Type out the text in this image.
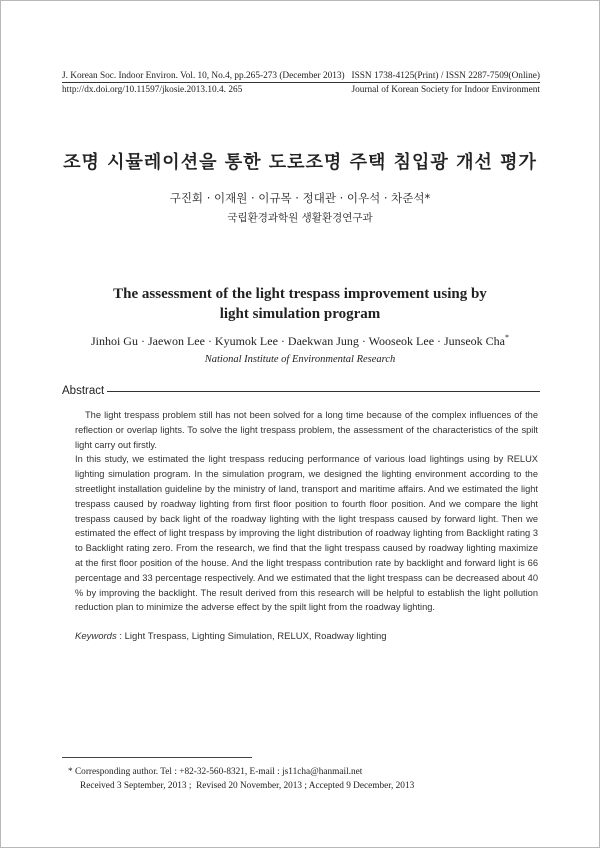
J. Korean Soc. Indoor Environ. Vol. 10, No.4, pp.265-273 (December 2013) ISSN 1738-4125(Print) / ISSN 2287-7509(Online)
http://dx.doi.org/10.11597/jkosie.2013.10.4. 265	Journal of Korean Society for Indoor Environment
조명 시뮬레이션을 통한 도로조명 주택 침입광 개선 평가
구진회 · 이재원 · 이규목 · 정대관 · 이우석 · 차준석*
국립환경과학원 생활환경연구과
The assessment of the light trespass improvement using by light simulation program
Jinhoi Gu · Jaewon Lee · Kyumok Lee · Daekwan Jung · Wooseok Lee · Junseok Cha*
National Institute of Environmental Research
Abstract

The light trespass problem still has not been solved for a long time because of the complex influences of the reflection or overlap lights. To solve the light trespass problem, the assessment of the characteristics of the spilt light carry out firstly.

In this study, we estimated the light trespass reducing performance of various load lightings using by RELUX lighting simulation program. In the simulation program, we designed the lighting environment according to the streetlight installation guideline by the ministry of land, transport and maritime affairs. And we estimated the light trespass caused by roadway lighting from first floor position to fourth floor position. And we compare the light trespass caused by back light of the roadway lighting with the light trespass caused by forward light. Then we estimated the effect of light trespass by improving the light distribution of roadway lighting from Backlight rating 3 to Backlight rating zero. From the research, we find that the light trespass caused by roadway lighting maximize at the first floor position of the house. And the light trespass contribution rate by backlight and forward light is 66 percentage and 33 percentage respectively. And we estimated that the light trespass can be decreased about 40 % by improving the backlight. The result derived from this research will be helpful to establish the light pollution reduction plan to minimize the adverse effect by the spilt light from the roadway lighting.

Keywords : Light Trespass, Lighting Simulation, RELUX, Roadway lighting
* Corresponding author. Tel : +82-32-560-8321, E-mail : js11cha@hanmail.net
Received 3 September, 2013 ;  Revised 20 November, 2013 ; Accepted 9 December, 2013
